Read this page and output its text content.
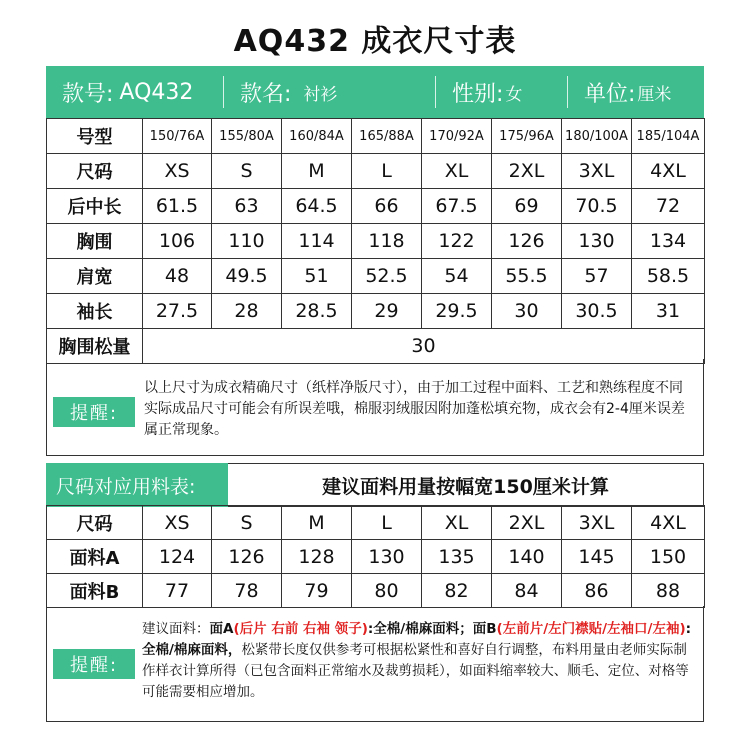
AQ432 成衣尺寸表
款号: AQ432	款名: 衬衫	性别: 女	单位: 厘米
号型	150/76A	155/80A	160/84A	165/88A	170/92A	175/96A	180/100A	185/104A
尺码	XS	S	M	L	XL	2XL	3XL	4XL
后中长	61.5	63	64.5	66	67.5	69	70.5	72
胸围	106	110	114	118	122	126	130	134
肩宽	48	49.5	51	52.5	54	55.5	57	58.5
袖长	27.5	28	28.5	29	29.5	30	30.5	31
胸围松量	30							
提醒:
以上尺寸为成衣精确尺寸（纸样净版尺寸），由于加工过程中面料、工艺和熟练程度不同实际成品尺寸可能会有所误差哦，棉服羽绒服因附加蓬松填充物，成衣会有2-4厘米误差属正常现象。
尺码对应用料表:	建议面料用量按幅宽150厘米计算
尺码	XS	S	M	L	XL	2XL	3XL	4XL
面料A	124	126	128	130	135	140	145	150
面料B	77	78	79	80	82	84	86	88
提醒:
建议面料：面A(后片 右前 右袖 领子):全棉/棉麻面料；面B(左前片/左门襟贴/左袖口/左袖):全棉/棉麻面料，松紧带长度仅供参考可根据松紧性和喜好自行调整，布料用量由老师实际制作样衣计算所得（已包含面料正常缩水及裁剪损耗），如面料缩率较大、顺毛、定位、对格等可能需要相应增加。
